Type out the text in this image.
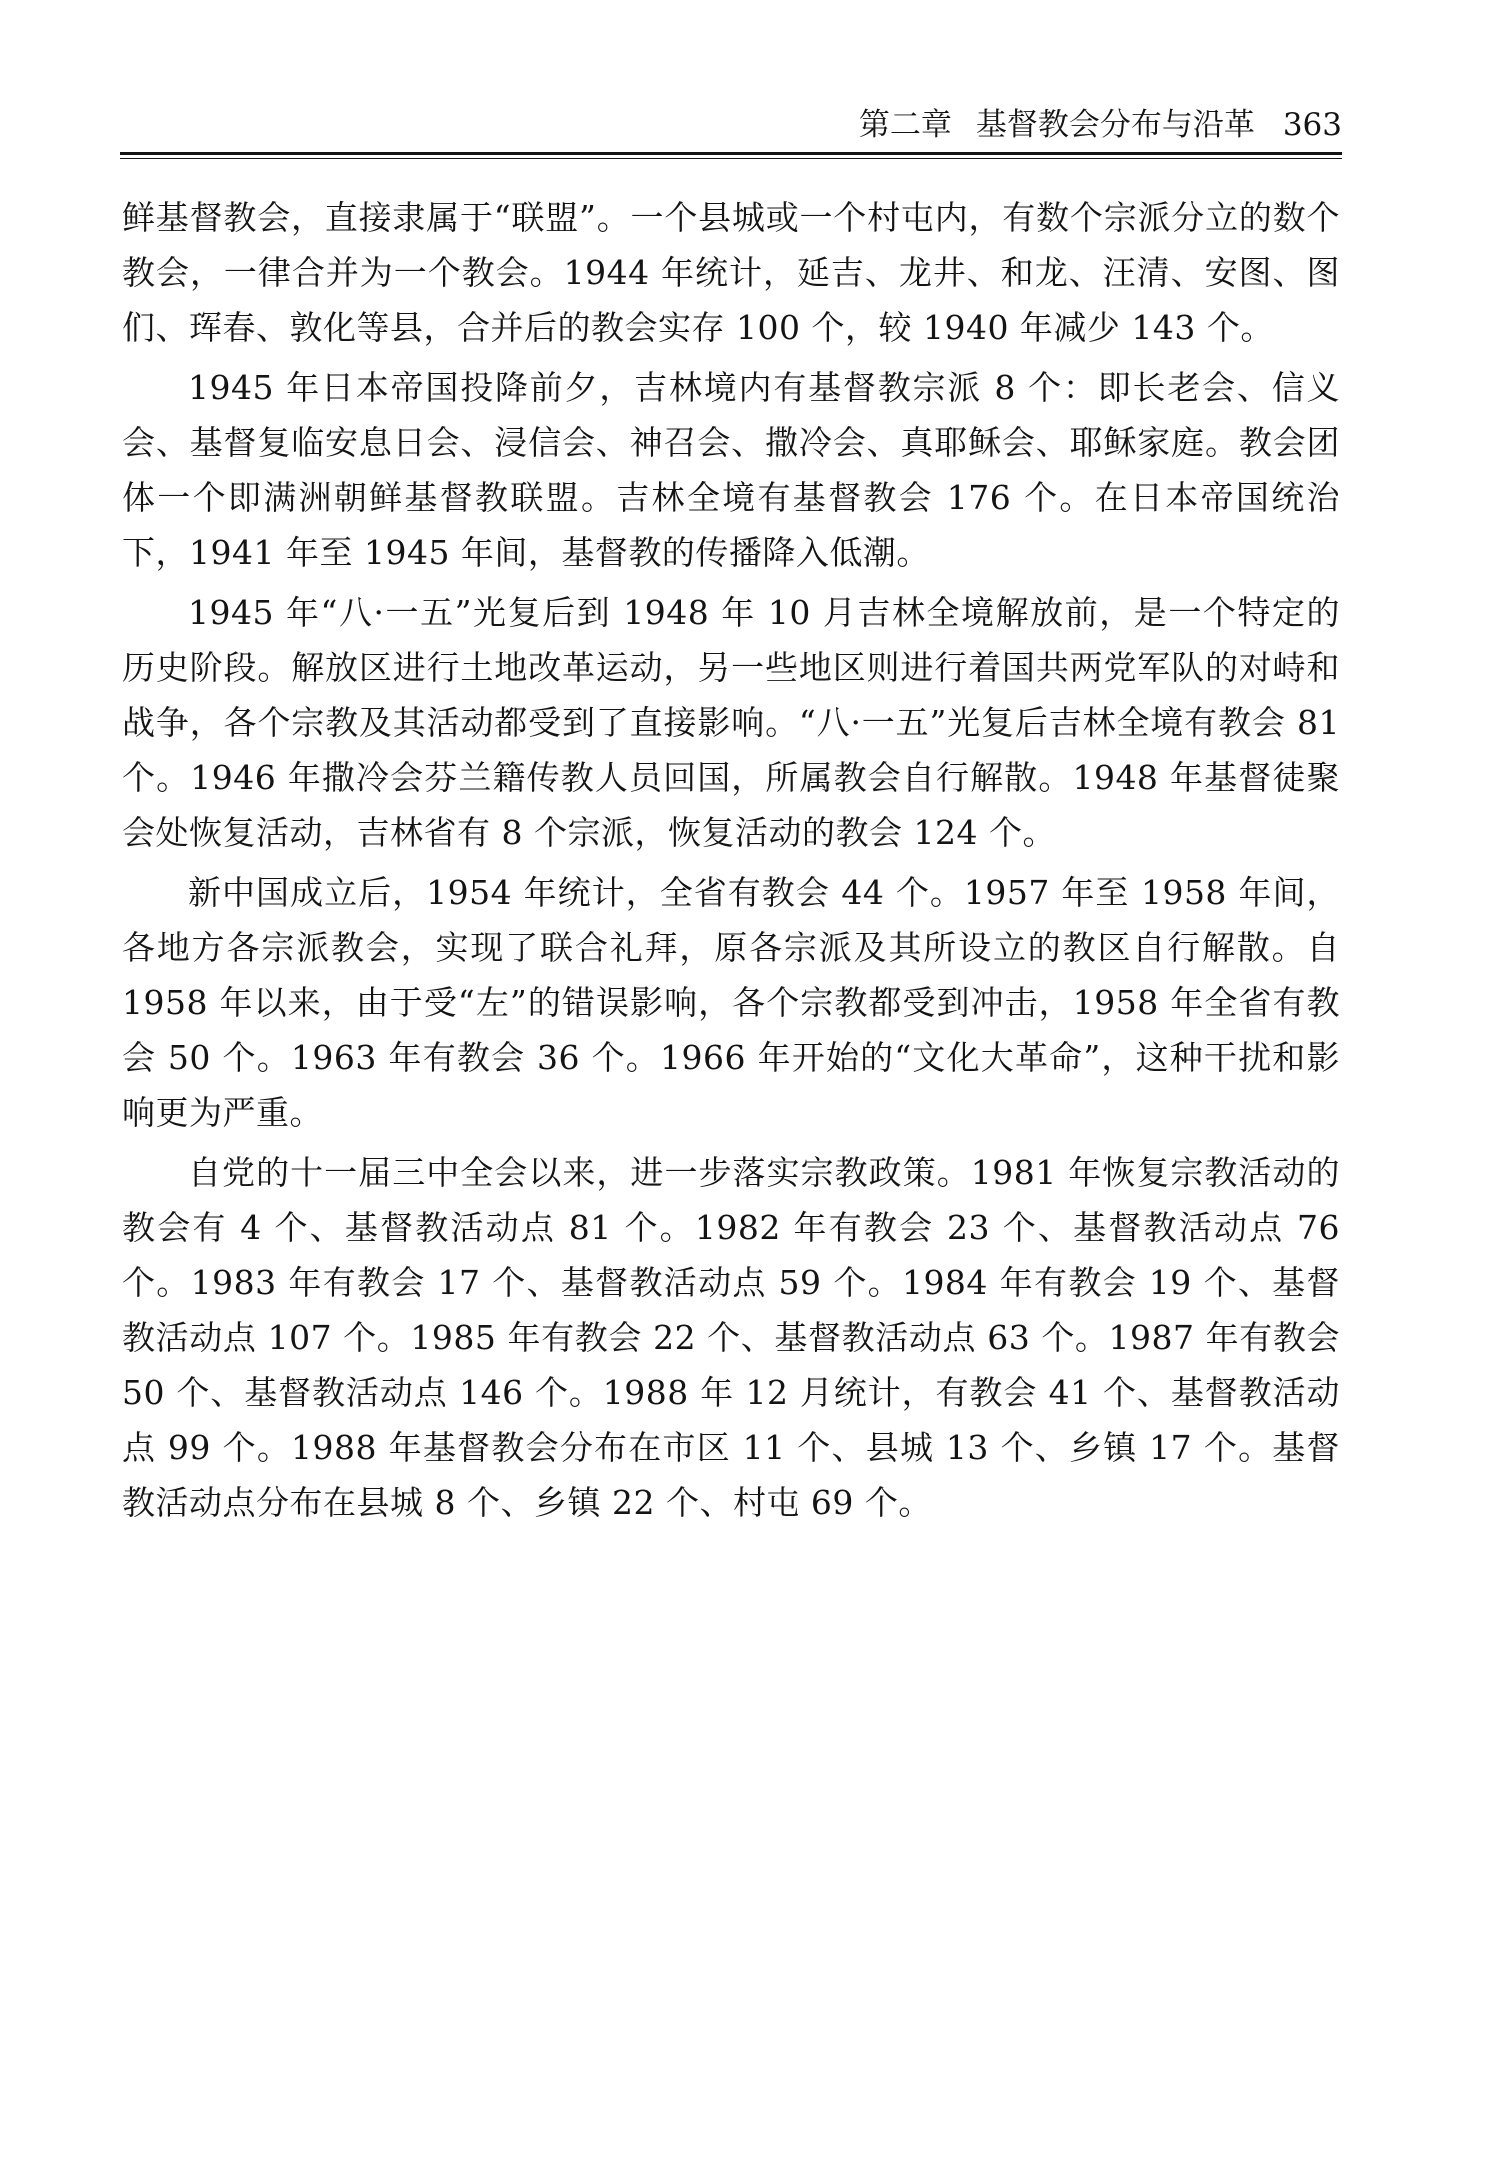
第二章 基督教会分布与沿革 363

鲜基督教会，直接隶属于“联盟”。一个县城或一个村屯内，有数个宗派分立的数个教会，一律合并为一个教会。1944 年统计，延吉、龙井、和龙、汪清、安图、图们、珲春、敦化等县，合并后的教会实存 100 个，较 1940 年减少 143 个。

1945 年日本帝国投降前夕，吉林境内有基督教宗派 8 个：即长老会、信义会、基督复临安息日会、浸信会、神召会、撒冷会、真耶稣会、耶稣家庭。教会团体一个即满洲朝鲜基督教联盟。吉林全境有基督教会 176 个。在日本帝国统治下，1941 年至 1945 年间，基督教的传播降入低潮。

1945 年“八·一五”光复后到 1948 年 10 月吉林全境解放前，是一个特定的历史阶段。解放区进行土地改革运动，另一些地区则进行着国共两党军队的对峙和战争，各个宗教及其活动都受到了直接影响。“八·一五”光复后吉林全境有教会 81 个。1946 年撒冷会芬兰籍传教人员回国，所属教会自行解散。1948 年基督徒聚会处恢复活动，吉林省有 8 个宗派，恢复活动的教会 124 个。

新中国成立后，1954 年统计，全省有教会 44 个。1957 年至 1958 年间，各地方各宗派教会，实现了联合礼拜，原各宗派及其所设立的教区自行解散。自 1958 年以来，由于受“左”的错误影响，各个宗教都受到冲击，1958 年全省有教会 50 个。1963 年有教会 36 个。1966 年开始的“文化大革命”，这种干扰和影响更为严重。

自党的十一届三中全会以来，进一步落实宗教政策。1981 年恢复宗教活动的教会有 4 个、基督教活动点 81 个。1982 年有教会 23 个、基督教活动点 76 个。1983 年有教会 17 个、基督教活动点 59 个。1984 年有教会 19 个、基督教活动点 107 个。1985 年有教会 22 个、基督教活动点 63 个。1987 年有教会 50 个、基督教活动点 146 个。1988 年 12 月统计，有教会 41 个、基督教活动点 99 个。1988 年基督教会分布在市区 11 个、县城 13 个、乡镇 17 个。基督教活动点分布在县城 8 个、乡镇 22 个、村屯 69 个。
